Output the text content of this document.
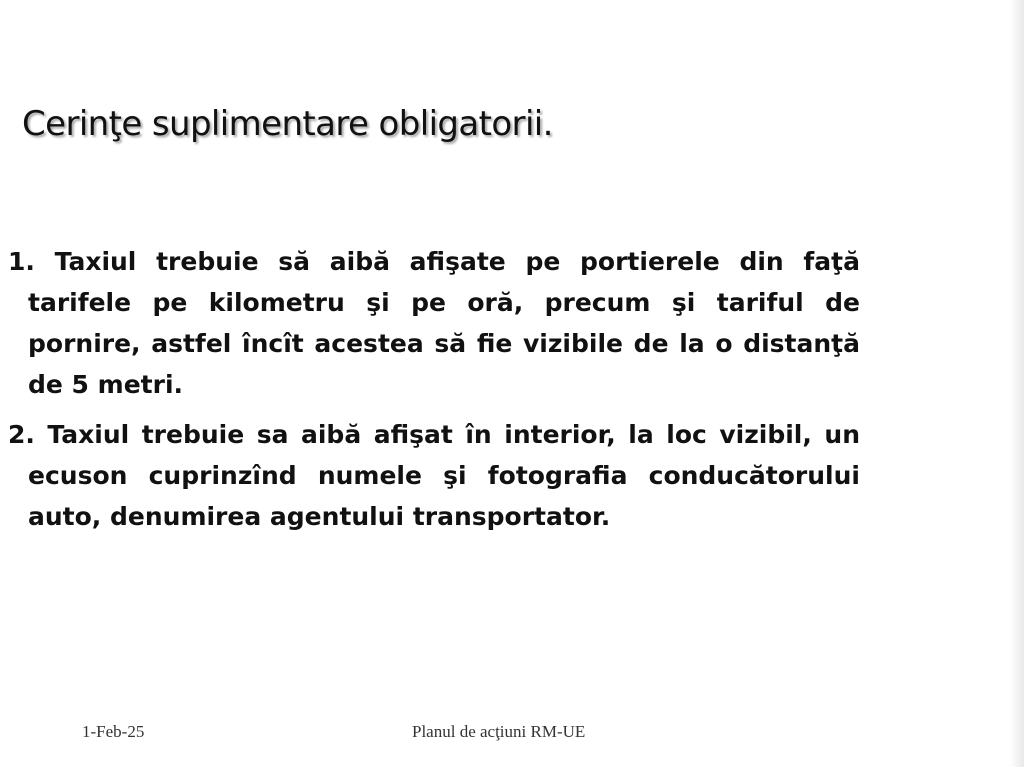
Cerinţe suplimentare obligatorii.
1. Taxiul trebuie să aibă afişate pe portierele din faţă tarifele pe kilometru şi pe oră, precum şi tariful de pornire, astfel încît acestea să fie vizibile de la o distanţă de 5 metri.
2. Taxiul trebuie sa aibă afişat în interior, la loc vizibil, un ecuson cuprinzînd numele şi fotografia conducătorului auto, denumirea agentului transportator.
1-Feb-25	Planul de acţiuni RM-UE
